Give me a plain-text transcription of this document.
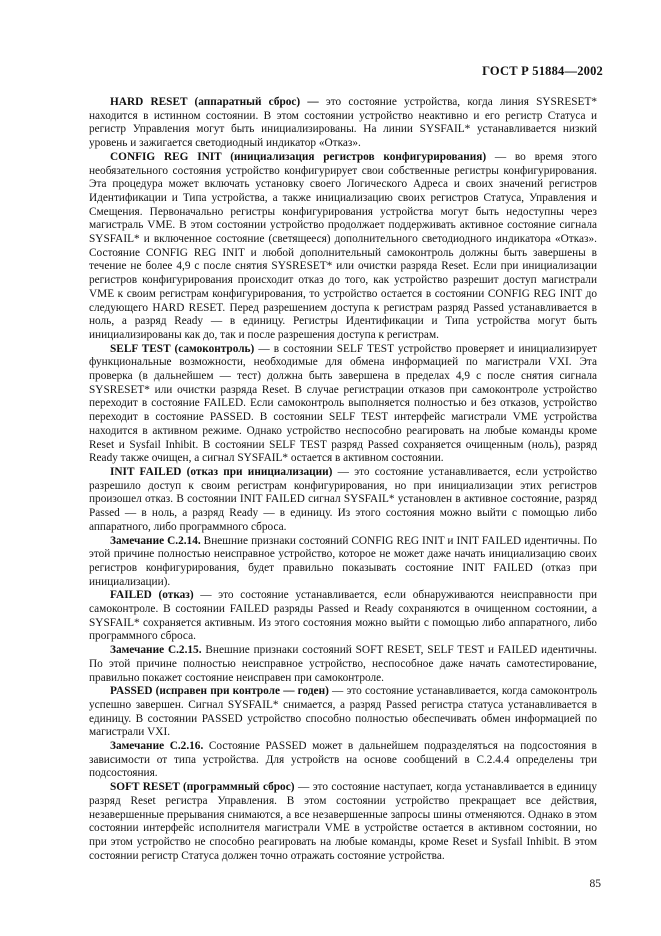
ГОСТ Р 51884—2002

HARD RESET (аппаратный сброс) — это состояние устройства, когда линия SYSRESET* находится в истинном состоянии. В этом состоянии устройство неактивно и его регистр Статуса и регистр Управления могут быть инициализированы. На линии SYSFAIL* устанавливается низкий уровень и зажигается светодиодный индикатор «Отказ».

CONFIG REG INIT (инициализация регистров конфигурирования) — во время этого необязательного состояния устройство конфигурирует свои собственные регистры конфигурирования. Эта процедура может включать установку своего Логического Адреса и своих значений регистров Идентификации и Типа устройства, а также инициализацию своих регистров Статуса, Управления и Смещения. Первоначально регистры конфигурирования устройства могут быть недоступны через магистраль VME. В этом состоянии устройство продолжает поддерживать активное состояние сигнала SYSFAIL* и включенное состояние (светящееся) дополнительного светодиодного индикатора «Отказ». Состояние CONFIG REG INIT и любой дополнительный самоконтроль должны быть завершены в течение не более 4,9 с после снятия SYSRESET* или очистки разряда Reset. Если при инициализации регистров конфигурирования происходит отказ до того, как устройство разрешит доступ магистрали VME к своим регистрам конфигурирования, то устройство остается в состоянии CONFIG REG INIT до следующего HARD RESET. Перед разрешением доступа к регистрам разряд Passed устанавливается в ноль, а разряд Ready — в единицу. Регистры Идентификации и Типа устройства могут быть инициализированы как до, так и после разрешения доступа к регистрам.

SELF TEST (самоконтроль) — в состоянии SELF TEST устройство проверяет и инициализирует функциональные возможности, необходимые для обмена информацией по магистрали VXI. Эта проверка (в дальнейшем — тест) должна быть завершена в пределах 4,9 с после снятия сигнала SYSRESET* или очистки разряда Reset. В случае регистрации отказов при самоконтроле устройство переходит в состояние FAILED. Если самоконтроль выполняется полностью и без отказов, устройство переходит в состояние PASSED. В состоянии SELF TEST интерфейс магистрали VME устройства находится в активном режиме. Однако устройство неспособно реагировать на любые команды кроме Reset и Sysfail Inhibit. В состоянии SELF TEST разряд Passed сохраняется очищенным (ноль), разряд Ready также очищен, а сигнал SYSFAIL* остается в активном состоянии.

INIT FAILED (отказ при инициализации) — это состояние устанавливается, если устройство разрешило доступ к своим регистрам конфигурирования, но при инициализации этих регистров произошел отказ. В состоянии INIT FAILED сигнал SYSFAIL* установлен в активное состояние, разряд Passed — в ноль, а разряд Ready — в единицу. Из этого состояния можно выйти с помощью либо аппаратного, либо программного сброса.

Замечание С.2.14. Внешние признаки состояний CONFIG REG INIT и INIT FAILED идентичны. По этой причине полностью неисправное устройство, которое не может даже начать инициализацию своих регистров конфигурирования, будет правильно показывать состояние INIT FAILED (отказ при инициализации).

FAILED (отказ) — это состояние устанавливается, если обнаруживаются неисправности при самоконтроле. В состоянии FAILED разряды Passed и Ready сохраняются в очищенном состоянии, а SYSFAIL* сохраняется активным. Из этого состояния можно выйти с помощью либо аппаратного, либо программного сброса.

Замечание С.2.15. Внешние признаки состояний SOFT RESET, SELF TEST и FAILED идентичны. По этой причине полностью неисправное устройство, неспособное даже начать самотестирование, правильно покажет состояние неисправен при самоконтроле.

PASSED (исправен при контроле — годен) — это состояние устанавливается, когда самоконтроль успешно завершен. Сигнал SYSFAIL* снимается, а разряд Passed регистра статуса устанавливается в единицу. В состоянии PASSED устройство способно полностью обеспечивать обмен информацией по магистрали VXI.

Замечание С.2.16. Состояние PASSED может в дальнейшем подразделяться на подсостояния в зависимости от типа устройства. Для устройств на основе сообщений в С.2.4.4 определены три подсостояния.

SOFT RESET (программный сброс) — это состояние наступает, когда устанавливается в единицу разряд Reset регистра Управления. В этом состоянии устройство прекращает все действия, незавершенные прерывания снимаются, а все незавершенные запросы шины отменяются. Однако в этом состоянии интерфейс исполнителя магистрали VME в устройстве остается в активном состоянии, но при этом устройство не способно реагировать на любые команды, кроме Reset и Sysfail Inhibit. В этом состоянии регистр Статуса должен точно отражать состояние устройства.

85
